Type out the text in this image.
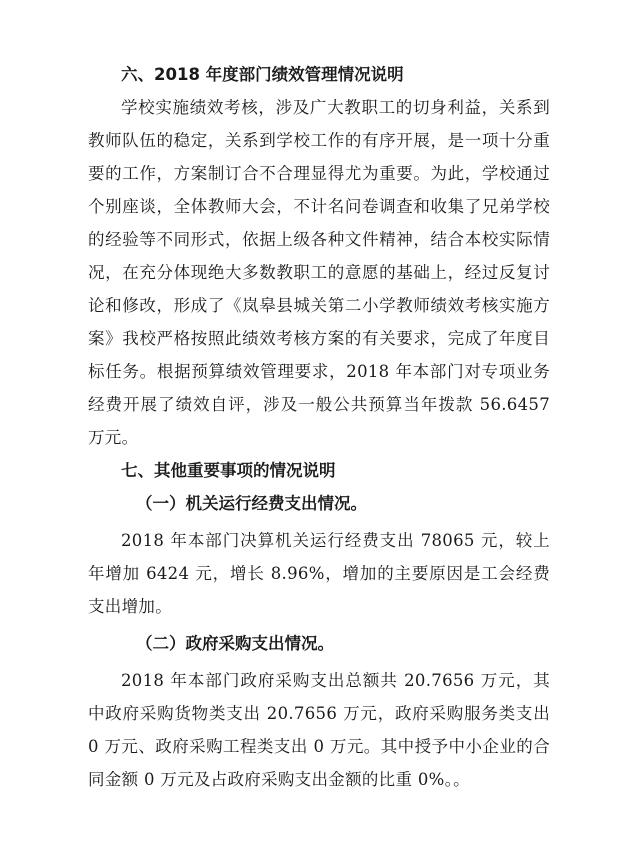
六、2018 年度部门绩效管理情况说明

学校实施绩效考核，涉及广大教职工的切身利益，关系到教师队伍的稳定，关系到学校工作的有序开展，是一项十分重要的工作，方案制订合不合理显得尤为重要。为此，学校通过个别座谈，全体教师大会，不计名问卷调查和收集了兄弟学校的经验等不同形式，依据上级各种文件精神，结合本校实际情况，在充分体现绝大多数教职工的意愿的基础上，经过反复讨论和修改，形成了《岚皋县城关第二小学教师绩效考核实施方案》我校严格按照此绩效考核方案的有关要求，完成了年度目标任务。根据预算绩效管理要求，2018 年本部门对专项业务经费开展了绩效自评，涉及一般公共预算当年拨款 56.6457 万元。

七、其他重要事项的情况说明
（一）机关运行经费支出情况。

2018 年本部门决算机关运行经费支出 78065 元，较上年增加 6424 元，增长 8.96%，增加的主要原因是工会经费支出增加。

（二）政府采购支出情况。

2018 年本部门政府采购支出总额共 20.7656 万元，其中政府采购货物类支出 20.7656 万元，政府采购服务类支出 0 万元、政府采购工程类支出 0 万元。其中授予中小企业的合同金额 0 万元及占政府采购支出金额的比重 0%。。
